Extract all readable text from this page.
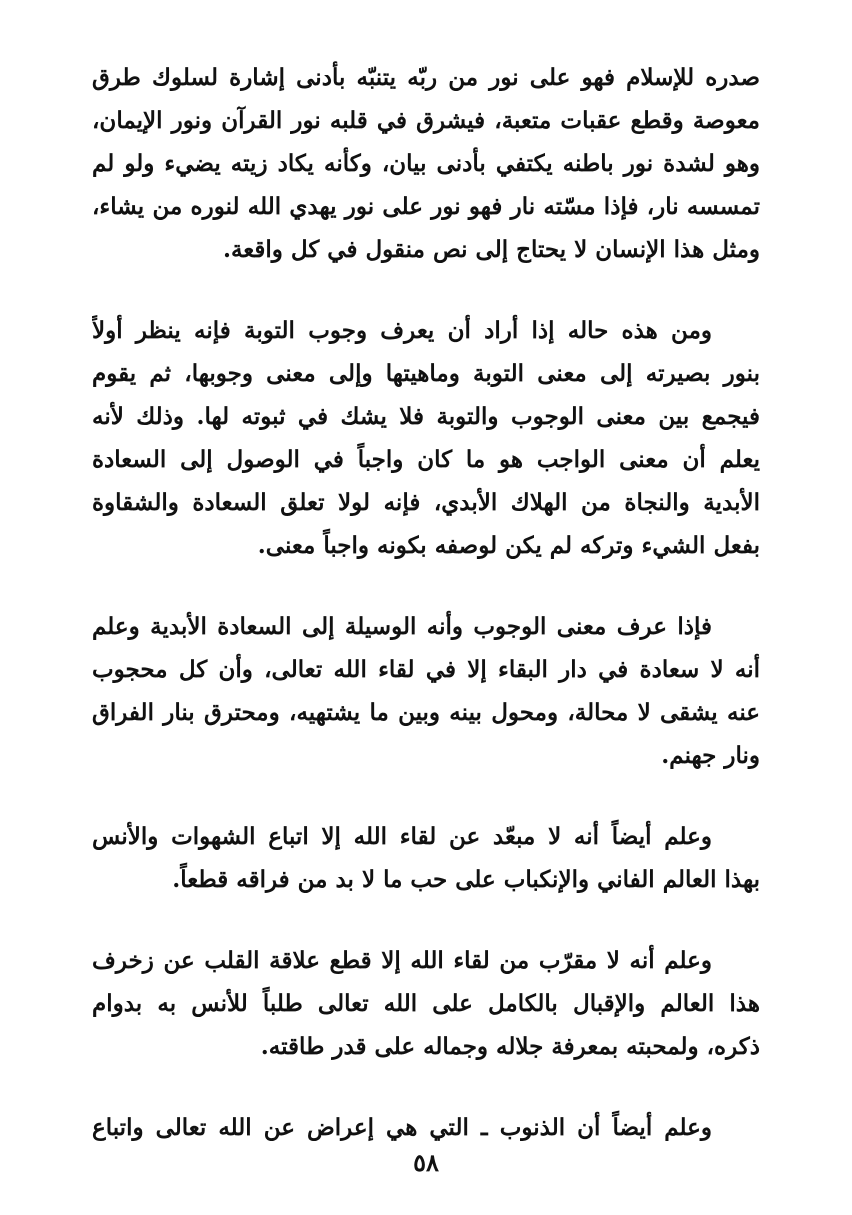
صدره للإسلام فهو على نور من ربّه يتنبّه بأدنى إشارة لسلوك طرق
معوصة وقطع عقبات متعبة، فيشرق في قلبه نور القرآن ونور الإيمان،
وهو لشدة نور باطنه يكتفي بأدنى بيان، وكأنه يكاد زيته يضيء ولو لم
تمسسه نار، فإذا مسّته نار فهو نور على نور يهدي الله لنوره من يشاء،
ومثل هذا الإنسان لا يحتاج إلى نص منقول في كل واقعة.
ومن هذه حاله إذا أراد أن يعرف وجوب التوبة فإنه ينظر أولاً
بنور بصيرته إلى معنى التوبة وماهيتها وإلى معنى وجوبها، ثم يقوم
فيجمع بين معنى الوجوب والتوبة فلا يشك في ثبوته لها. وذلك لأنه
يعلم أن معنى الواجب هو ما كان واجباً في الوصول إلى السعادة
الأبدية والنجاة من الهلاك الأبدي، فإنه لولا تعلق السعادة والشقاوة
بفعل الشيء وتركه لم يكن لوصفه بكونه واجباً معنى.
فإذا عرف معنى الوجوب وأنه الوسيلة إلى السعادة الأبدية وعلم
أنه لا سعادة في دار البقاء إلا في لقاء الله تعالى، وأن كل محجوب
عنه يشقى لا محالة، ومحول بينه وبين ما يشتهيه، ومحترق بنار الفراق
ونار جهنم.
وعلم أيضاً أنه لا مبعّد عن لقاء الله إلا اتباع الشهوات والأنس
بهذا العالم الفاني والإنكباب على حب ما لا بد من فراقه قطعاً.
وعلم أنه لا مقرّب من لقاء الله إلا قطع علاقة القلب عن زخرف
هذا العالم والإقبال بالكامل على الله تعالى طلباً للأنس به بدوام
ذكره، ولمحبته بمعرفة جلاله وجماله على قدر طاقته.
وعلم أيضاً أن الذنوب ـ التي هي إعراض عن الله تعالى واتباع
٥٨
